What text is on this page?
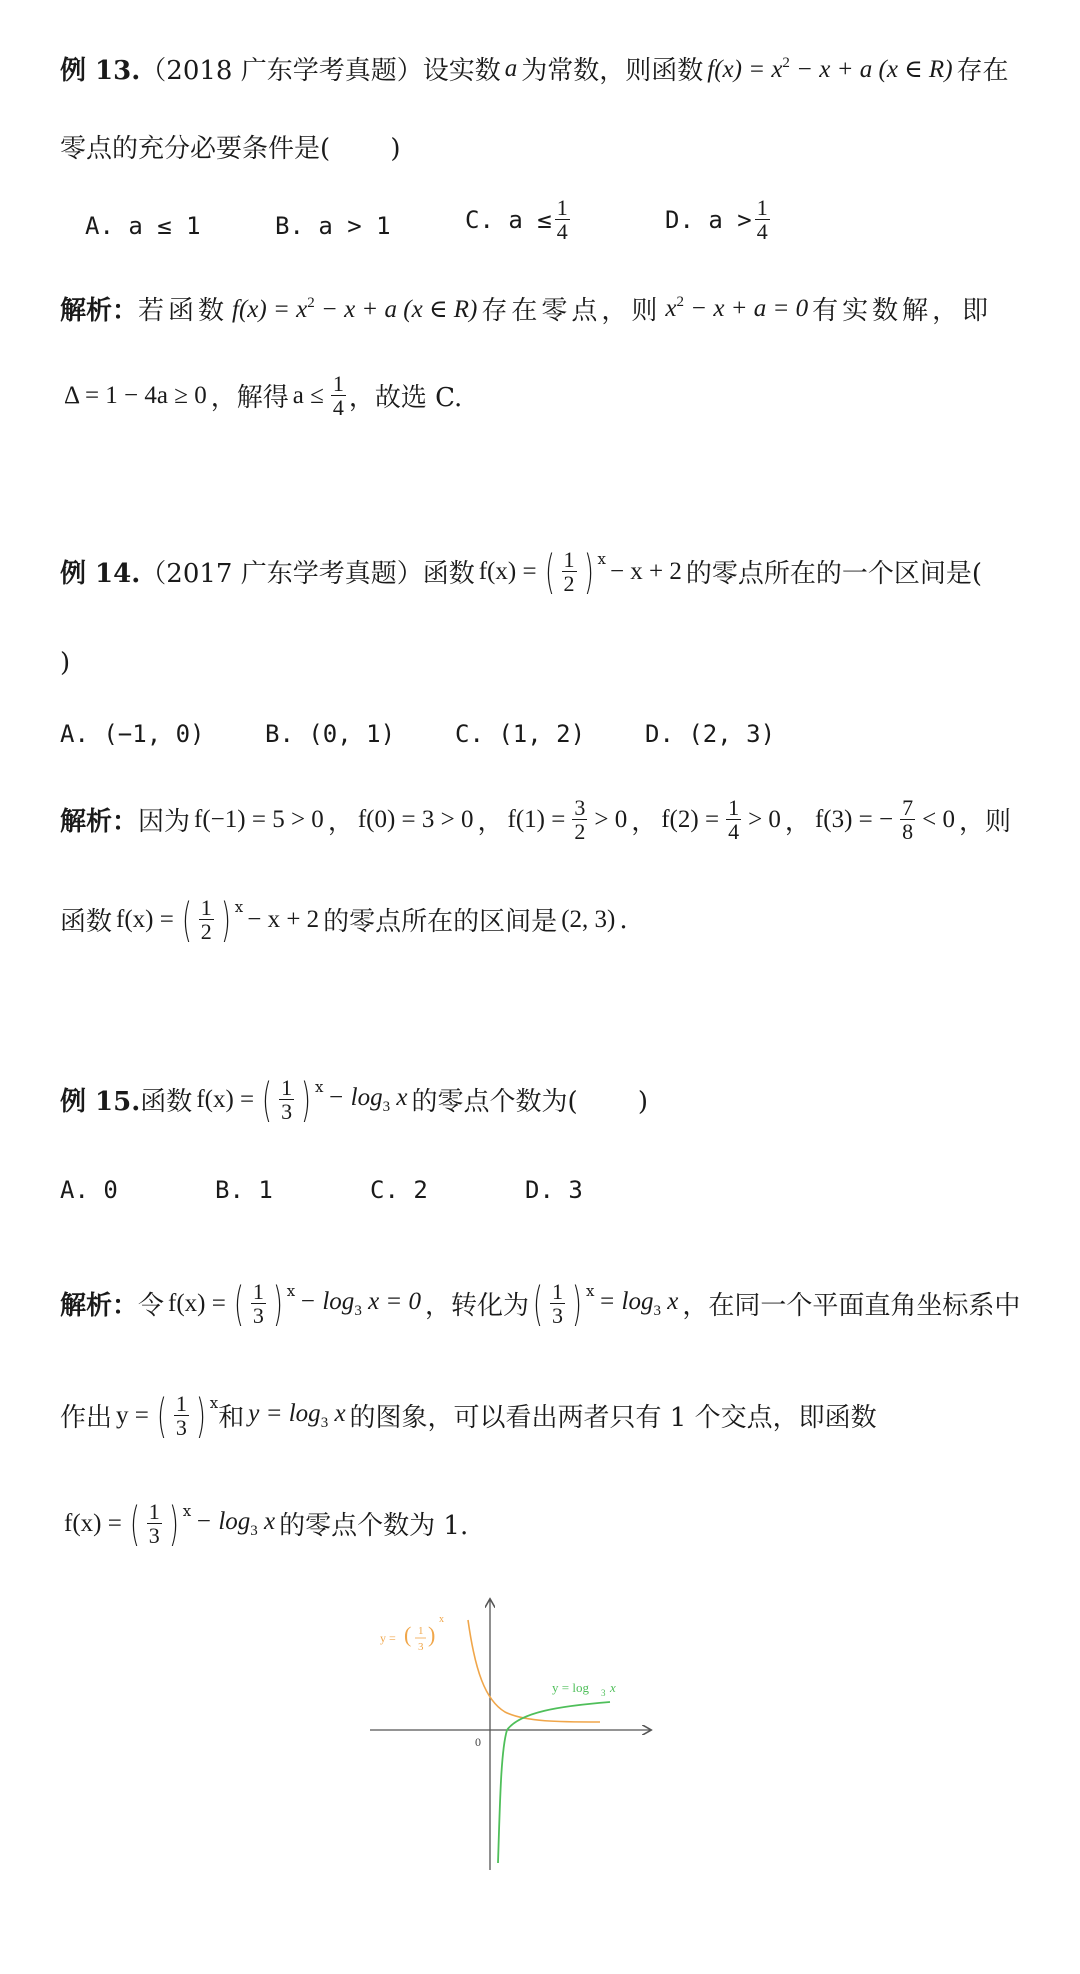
例 13. （2018 广东学考真题）设实数 a 为常数，则函数 $f(x) = x^2 - x + a$ (x ∈ R) 存在
零点的充分必要条件是(　　 )
A. a ≤ 1	B. a > 1	C. $a \le \frac{1}{4}$	D. $a > \frac{1}{4}$
解析： 若函数 $f(x) = x^2 - x + a$ (x ∈ R) 存在零点，则 $x^2 - x + a = 0$ 有实数解，即
Δ = 1 − 4a ≥ 0 ，解得 $a \le \frac{1}{4}$ ，故选 C.
例 14. （2017 广东学考真题）函数 f(x) = ( $\frac{1}{2}$ ) $^x$ − x + 2 的零点所在的一个区间是(
)
A. (−1, 0)	B. (0, 1) C. (1, 2) D. (2, 3)
解析： 因为 f(−1) = 5 > 0 ， f(0) = 3 > 0 ， $f(1) = \frac{3}{2} > 0$ ， $f(2) = \frac{1}{4} > 0$ ， f(3) = − $\frac{7}{8} < 0$ ，则
函数 f(x) = ( $\frac{1}{2}$ ) $^x$ − x + 2 的零点所在的区间是 (2, 3) .
例 15. 函数 f(x) = ( $\frac{1}{3}$ ) $^x - \log_3 x$ 的零点个数为(　　 )
A. 0	B. 1	C. 2	D. 3
解析： 令 f(x) = ( $\frac{1}{3}$ ) $^x - \log_3 x = 0$ ，转化为 ( $\frac{1}{3}$ ) $^x = \log_3 x$ ，在同一个平面直角坐标系中
作出 y = ( $\frac{1}{3}$ ) $^x$
和 $y = \log_3 x$ 的图象，可以看出两者只有 1 个交点，即函数
f(x) = ( $\frac{1}{3}$ ) $^x - \log_3 x$ 的零点个数为 1.
0
y = ( 1
3 )
x
y = log 3 x
